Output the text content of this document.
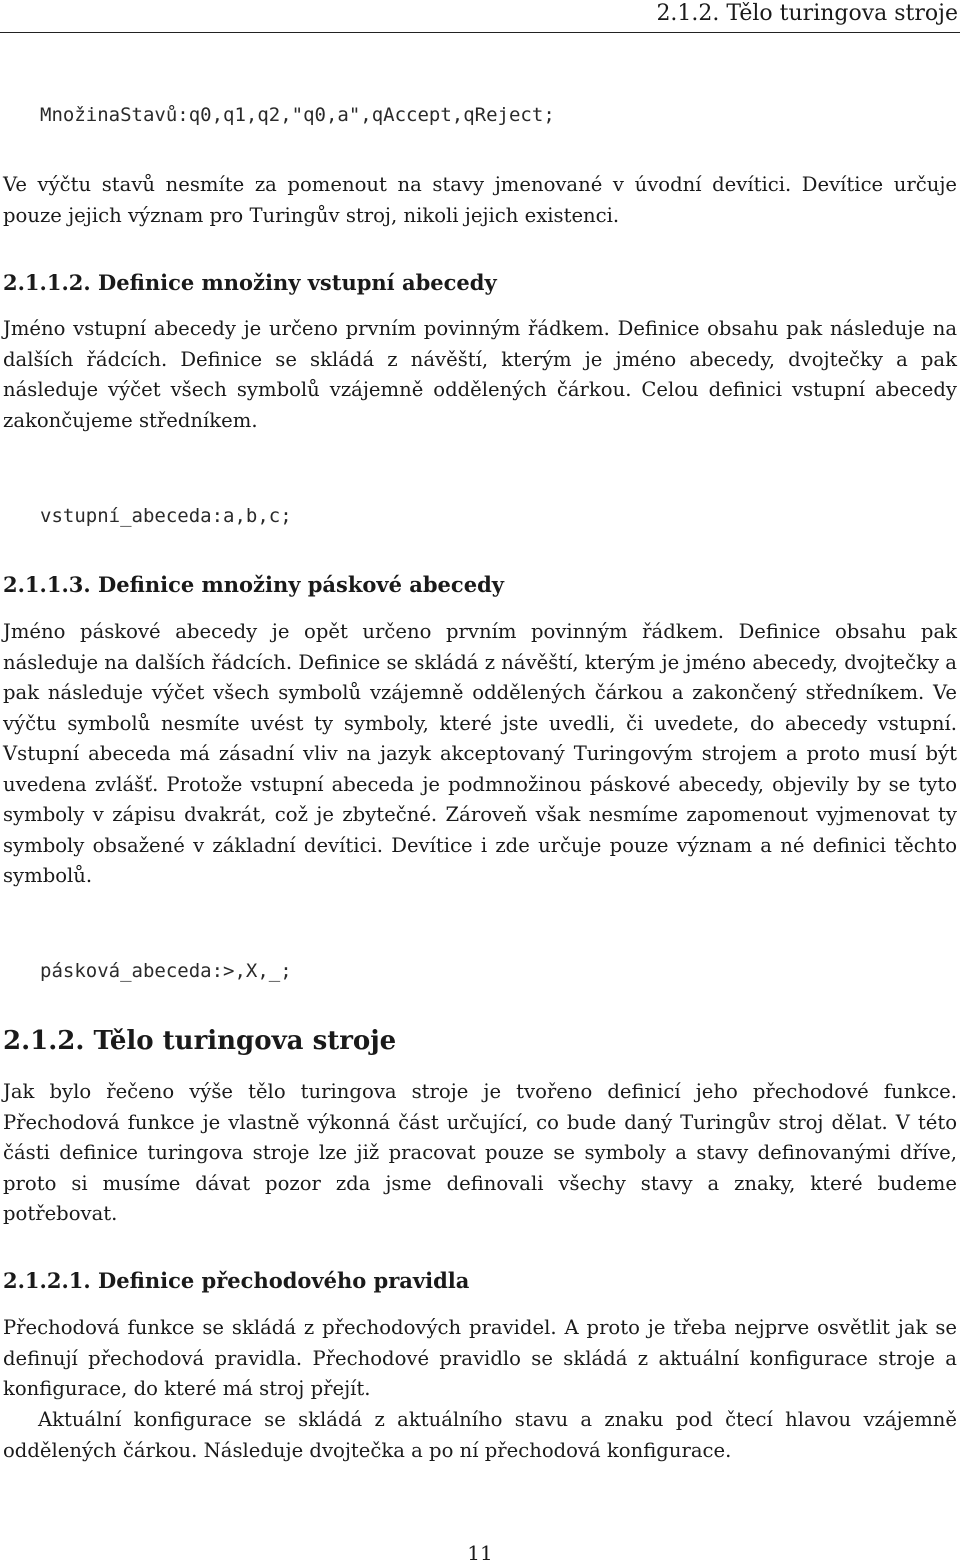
2.1.2. Tělo turingova stroje
MnožinaStavů:q0,q1,q2,"q0,a",qAccept,qReject;

Ve výčtu stavů nesmíte za pomenout na stavy jmenované v úvodní devítici. Devítice určuje pouze jejich význam pro Turingův stroj, nikoli jejich existenci.

2.1.1.2. Definice množiny vstupní abecedy

Jméno vstupní abecedy je určeno prvním povinným řádkem. Definice obsahu pak následuje na dalších řádcích. Definice se skládá z návěští, kterým je jméno abecedy, dvojtečky a pak následuje výčet všech symbolů vzájemně oddělených čárkou. Celou definici vstupní abecedy zakončujeme středníkem.

vstupní_abeceda:a,b,c;
2.1.1.3. Definice množiny páskové abecedy

Jméno páskové abecedy je opět určeno prvním povinným řádkem. Definice obsahu pak následuje na dalších řádcích. Definice se skládá z návěští, kterým je jméno abecedy, dvojtečky a pak následuje výčet všech symbolů vzájemně oddělených čárkou a zakončený středníkem. Ve výčtu symbolů nesmíte uvést ty symboly, které jste uvedli, či uvedete, do abecedy vstupní. Vstupní abeceda má zásadní vliv na jazyk akceptovaný Turingovým strojem a proto musí být uvedena zvlášť. Protože vstupní abeceda je podmnožinou páskové abecedy, objevily by se tyto symboly v zápisu dvakrát, což je zbytečné. Zároveň však nesmíme zapomenout vyjmenovat ty symboly obsažené v základní devítici. Devítice i zde určuje pouze význam a né definici těchto symbolů.

pásková_abeceda:>,X,_;
2.1.2. Tělo turingova stroje

Jak bylo řečeno výše tělo turingova stroje je tvořeno definicí jeho přechodové funkce. Přechodová funkce je vlastně výkonná část určující, co bude daný Turingův stroj dělat. V této části definice turingova stroje lze již pracovat pouze se symboly a stavy definovanými dříve, proto si musíme dávat pozor zda jsme definovali všechy stavy a znaky, které budeme potřebovat.

2.1.2.1. Definice přechodového pravidla

Přechodová funkce se skládá z přechodových pravidel. A proto je třeba nejprve osvětlit jak se definují přechodová pravidla. Přechodové pravidlo se skládá z aktuální konfigurace stroje a konfigurace, do které má stroj přejít.

Aktuální konfigurace se skládá z aktuálního stavu a znaku pod čtecí hlavou vzájemně oddělených čárkou. Následuje dvojtečka a po ní přechodová konfigurace.

11
